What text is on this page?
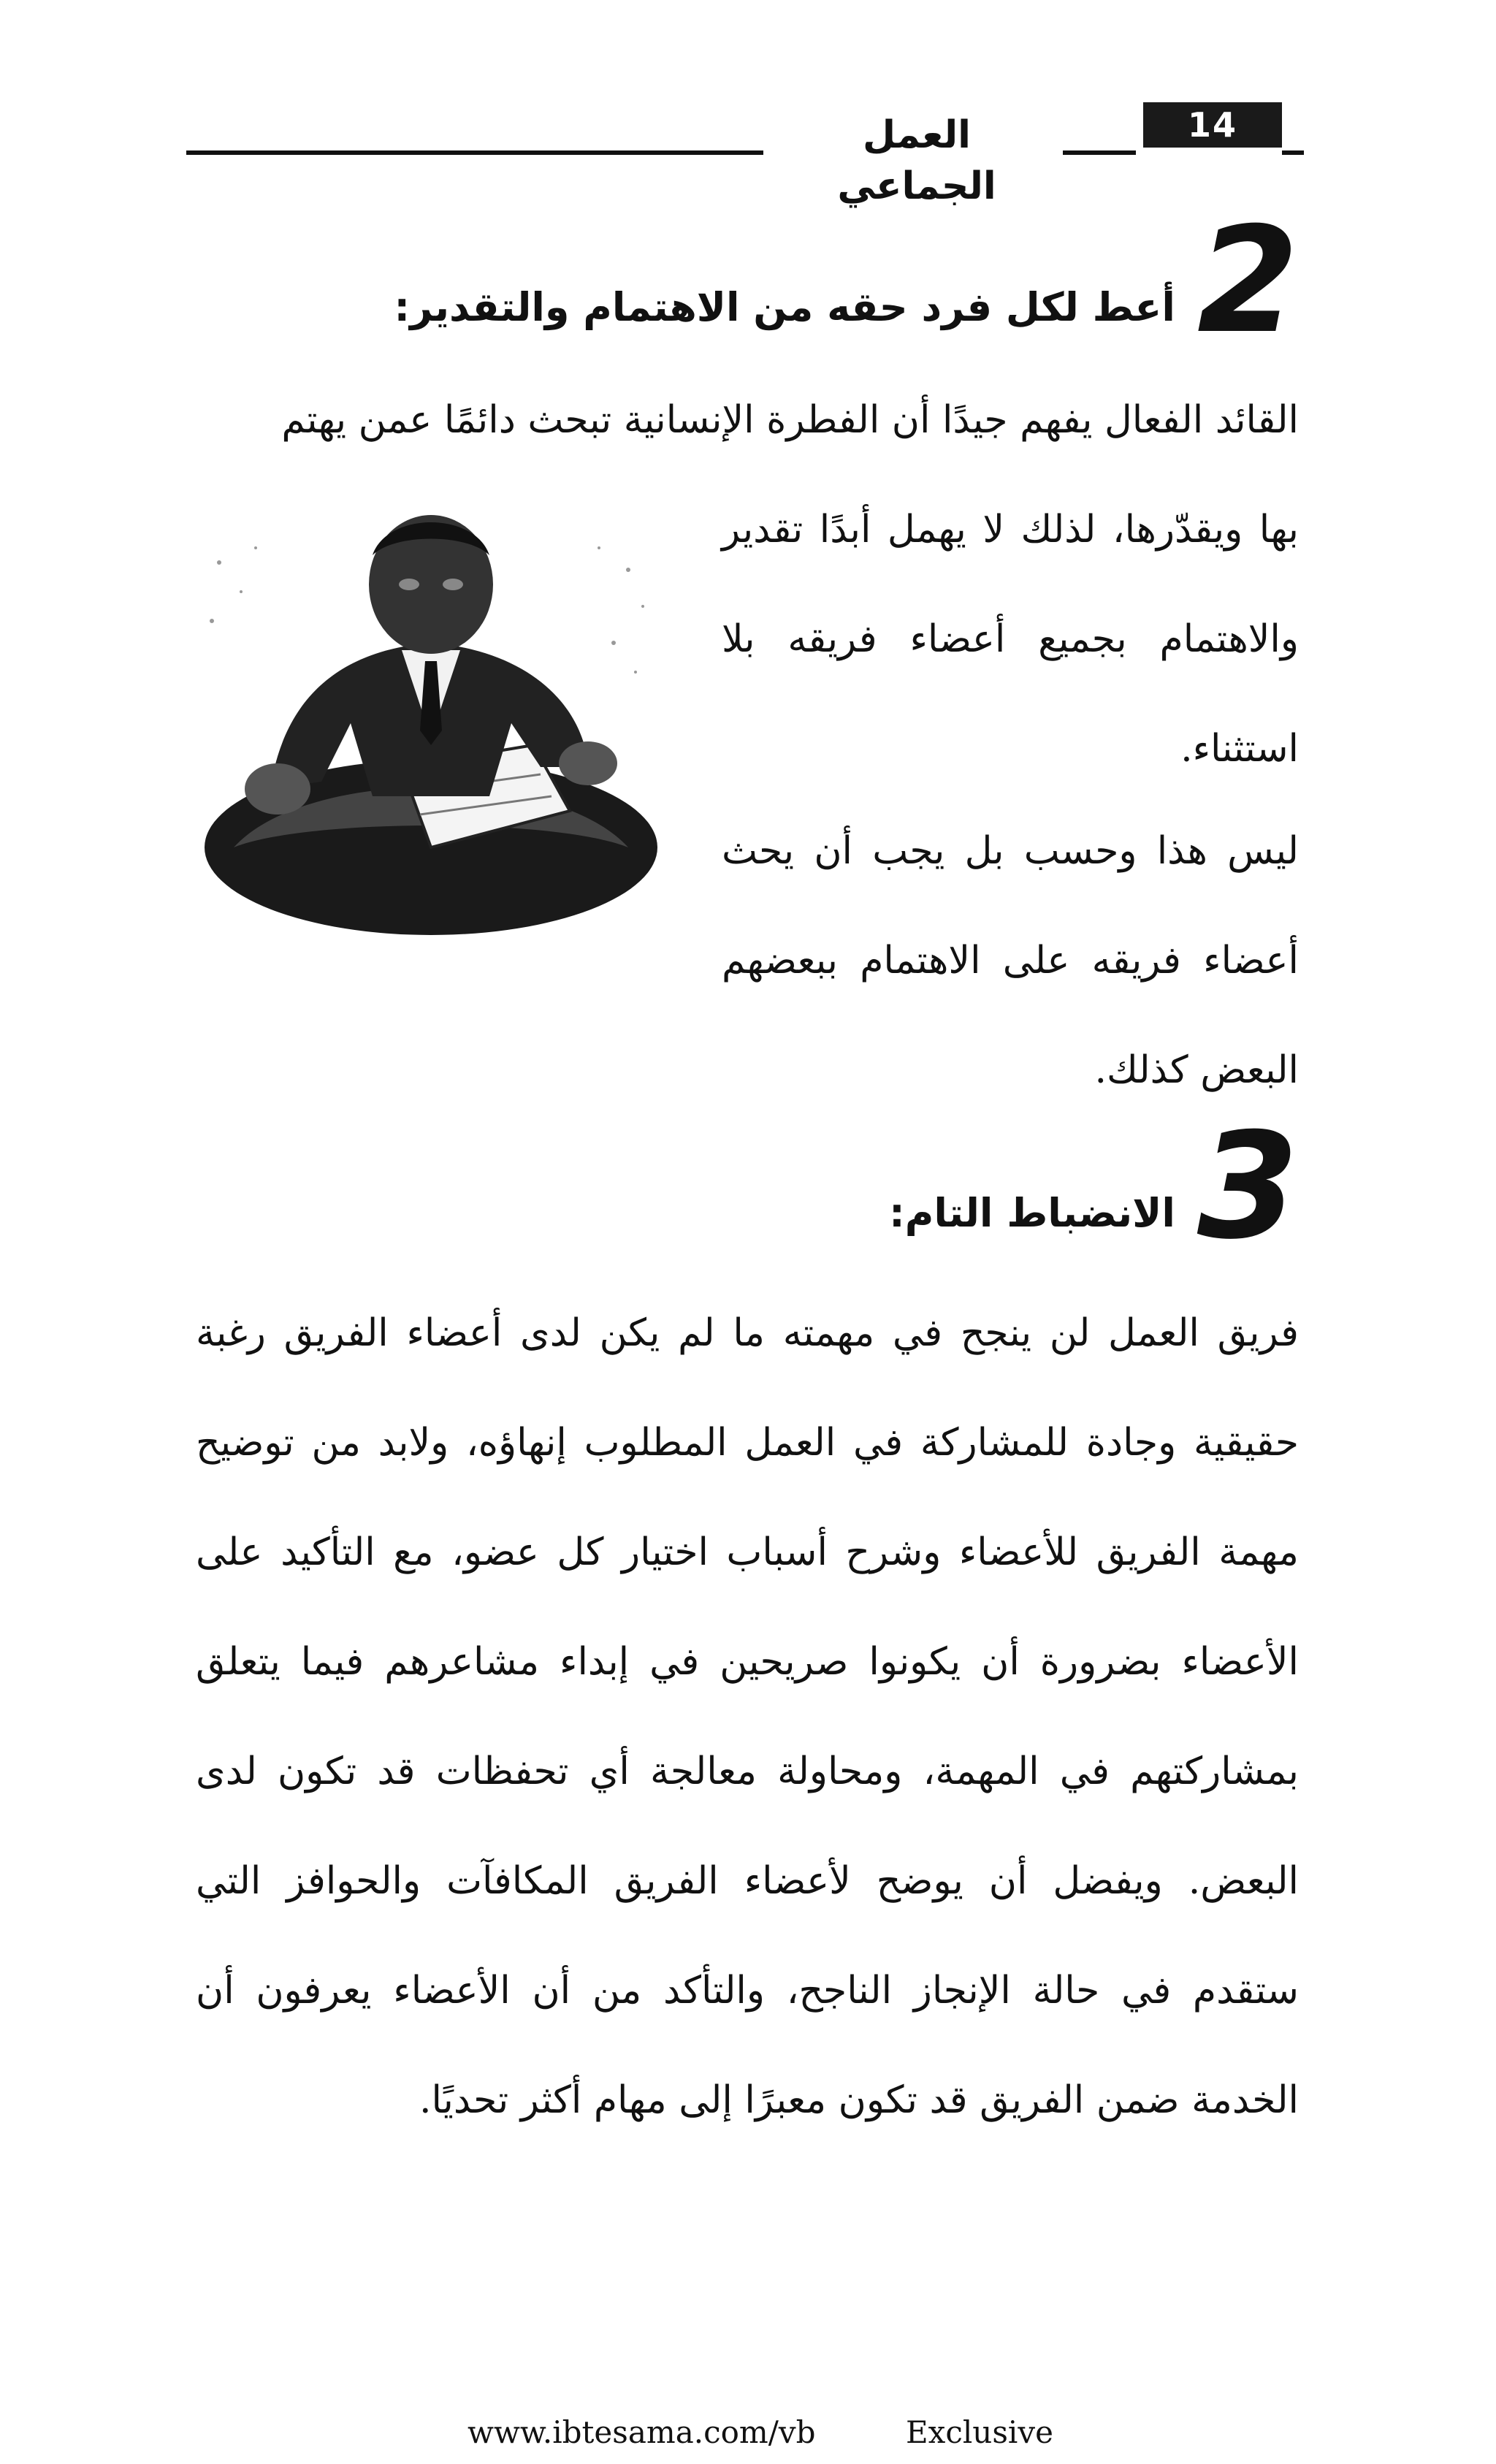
العمل الجماعي
14
2
أعط لكل فرد حقه من الاهتمام والتقدير:

القائد الفعال يفهم جيدًا أن الفطرة الإنسانية تبحث دائمًا عمن يهتم

بها ويقدّرها، لذلك لا يهمل أبدًا تقدير والاهتمام بجميع أعضاء فريقه بلا استثناء.

ليس هذا وحسب بل يجب أن يحث أعضاء فريقه على الاهتمام ببعضهم البعض كذلك.

3
الانضباط التام:

فريق العمل لن ينجح في مهمته ما لم يكن لدى أعضاء الفريق رغبة حقيقية وجادة للمشاركة في العمل المطلوب إنهاؤه، ولابد من توضيح مهمة الفريق للأعضاء وشرح أسباب اختيار كل عضو، مع التأكيد على الأعضاء بضرورة أن يكونوا صريحين في إبداء مشاعرهم فيما يتعلق بمشاركتهم في المهمة، ومحاولة معالجة أي تحفظات قد تكون لدى البعض. ويفضل أن يوضح لأعضاء الفريق المكافآت والحوافز التي ستقدم في حالة الإنجاز الناجح، والتأكد من أن الأعضاء يعرفون أن الخدمة ضمن الفريق قد تكون معبرًا إلى مهام أكثر تحديًا.

www.ibtesama.com/vb	Exclusive
